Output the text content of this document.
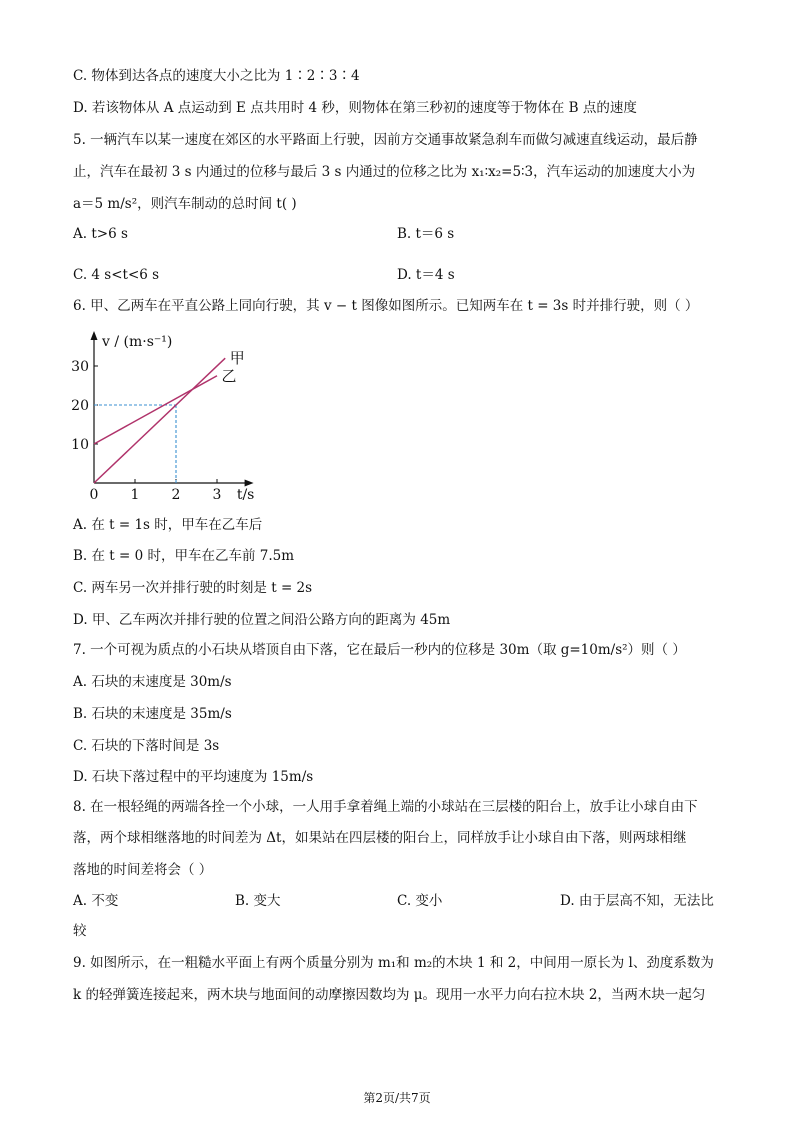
C. 物体到达各点的速度大小之比为 1∶2∶3∶4
D. 若该物体从 A 点运动到 E 点共用时 4 秒，则物体在第三秒初的速度等于物体在 B 点的速度
5. 一辆汽车以某一速度在郊区的水平路面上行驶，因前方交通事故紧急刹车而做匀减速直线运动，最后静
止，汽车在最初 3 s 内通过的位移与最后 3 s 内通过的位移之比为 x₁∶x₂=5∶3，汽车运动的加速度大小为
a＝5 m/s²，则汽车制动的总时间 t( )
A. t>6 s	B. t＝6 s
C. 4 s<t<6 s	D. t＝4 s
6. 甲、乙两车在平直公路上同向行驶，其 v − t 图像如图所示。已知两车在 t = 3s 时并排行驶，则（ ）
0 1 2 3
10
20
30	甲
乙
v / (m·s⁻¹)
t/s
A. 在 t = 1s 时，甲车在乙车后
B. 在 t = 0 时，甲车在乙车前 7.5m
C. 两车另一次并排行驶的时刻是 t = 2s
D. 甲、乙车两次并排行驶的位置之间沿公路方向的距离为 45m
7. 一个可视为质点的小石块从塔顶自由下落，它在最后一秒内的位移是 30m（取 g=10m/s²）则（ ）
A. 石块的末速度是 30m/s
B. 石块的末速度是 35m/s
C. 石块的下落时间是 3s
D. 石块下落过程中的平均速度为 15m/s
8. 在一根轻绳的两端各拴一个小球，一人用手拿着绳上端的小球站在三层楼的阳台上，放手让小球自由下
落，两个球相继落地的时间差为 Δt，如果站在四层楼的阳台上，同样放手让小球自由下落，则两球相继
落地的时间差将会（ ）
A. 不变	B. 变大	C. 变小	D. 由于层高不知，无法比
较
9. 如图所示，在一粗糙水平面上有两个质量分别为 m₁和 m₂的木块 1 和 2，中间用一原长为 l、劲度系数为
k 的轻弹簧连接起来，两木块与地面间的动摩擦因数均为 μ。现用一水平力向右拉木块 2，当两木块一起匀
第2页/共7页
